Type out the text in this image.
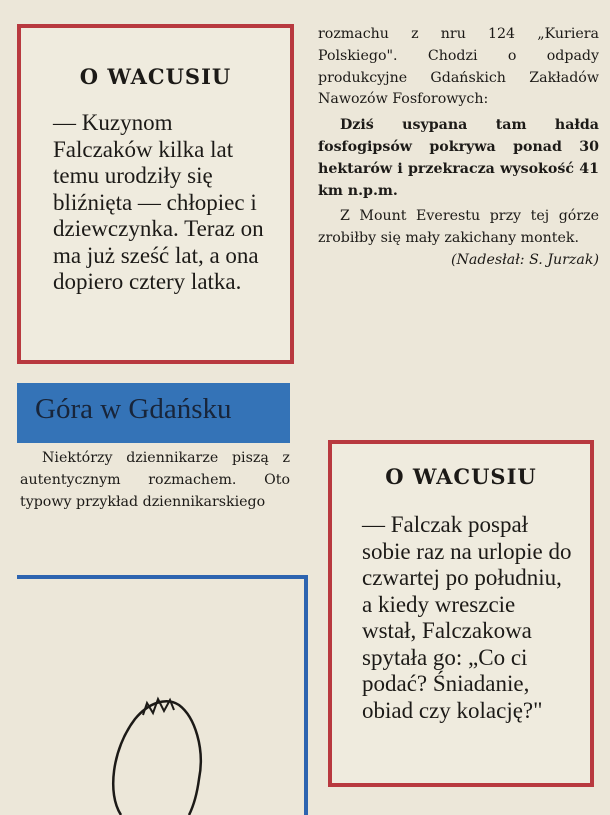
O WACUSIU

— Kuzynom Falczaków kilka lat temu urodziły się bliźnięta — chłopiec i dziewczynka. Teraz on ma już sześć lat, a ona dopiero cztery latka.

rozmachu z nru 124 „Kuriera Polskiego". Chodzi o odpady produkcyjne Gdańskich Zakładów Nawozów Fosforowych:

Dziś usypana tam hałda fosfogipsów pokrywa ponad 30 hektarów i przekracza wysokość 41 km n.p.m.

Z Mount Everestu przy tej górze zrobiłby się mały zakichany montek.

(Nadesłał: S. Jurzak)

Góra w Gdańsku

Niektórzy dziennikarze piszą z autentycznym rozmachem. Oto typowy przykład dziennikarskiego

O WACUSIU

— Falczak pospał sobie raz na urlopie do czwartej po południu, a kiedy wreszcie wstał, Falczakowa spytała go: „Co ci podać? Śniadanie, obiad czy kolację?"
